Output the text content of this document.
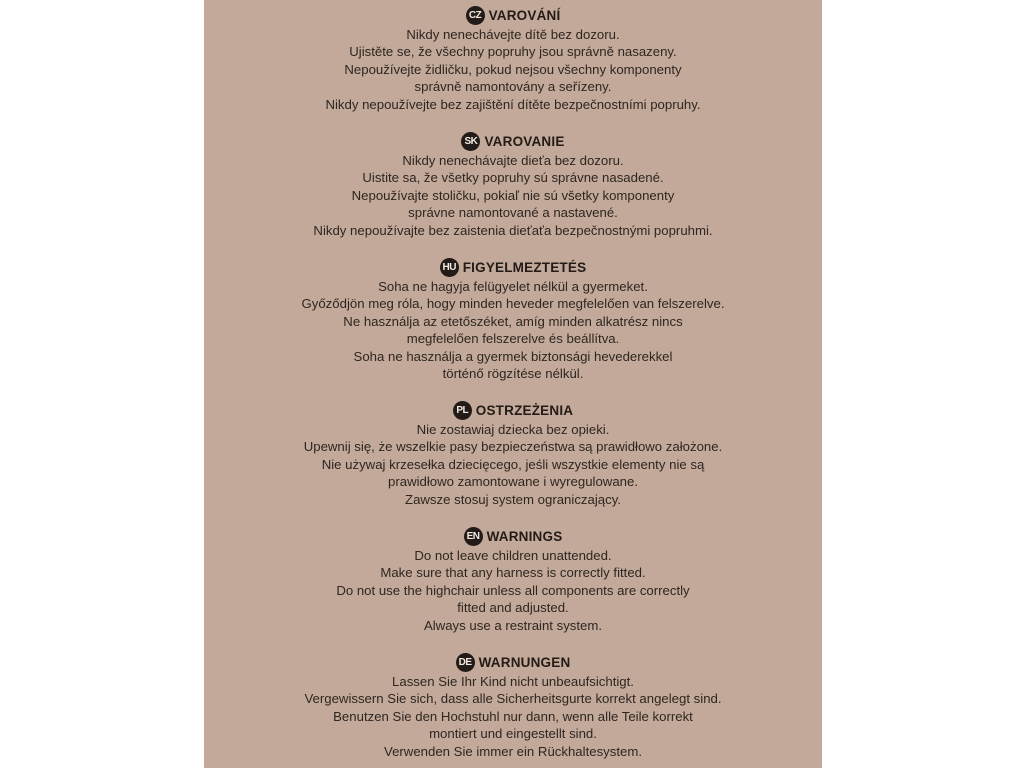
CZ VAROVÁNÍ
Nikdy nenechávejte dítě bez dozoru.
Ujistěte se, že všechny popruhy jsou správně nasazeny.
Nepoužívejte židličku, pokud nejsou všechny komponenty
správně namontovány a seřízeny.
Nikdy nepoužívejte bez zajištění dítěte bezpečnostními popruhy.
SK VAROVANIE
Nikdy nenechávajte dieťa bez dozoru.
Uistite sa, že všetky popruhy sú správne nasadené.
Nepoužívajte stoličku, pokiaľ nie sú všetky komponenty
správne namontované a nastavené.
Nikdy nepoužívajte bez zaistenia dieťaťa bezpečnostnými popruhmi.
HU FIGYELMEZTETÉS
Soha ne hagyja felügyelet nélkül a gyermeket.
Győződjön meg róla, hogy minden heveder megfelelően van felszerelve.
Ne használja az etetőszéket, amíg minden alkatrész nincs
megfelelően felszerelve és beállítva.
Soha ne használja a gyermek biztonsági hevederekkel
történő rögzítése nélkül.
PL OSTRZEŻENIA
Nie zostawiaj dziecka bez opieki.
Upewnij się, że wszelkie pasy bezpieczeństwa są prawidłowo założone.
Nie używaj krzesełka dziecięcego, jeśli wszystkie elementy nie są
prawidłowo zamontowane i wyregulowane.
Zawsze stosuj system ograniczający.
EN WARNINGS
Do not leave children unattended.
Make sure that any harness is correctly fitted.
Do not use the highchair unless all components are correctly
fitted and adjusted.
Always use a restraint system.
DE WARNUNGEN
Lassen Sie Ihr Kind nicht unbeaufsichtigt.
Vergewissern Sie sich, dass alle Sicherheitsgurte korrekt angelegt sind.
Benutzen Sie den Hochstuhl nur dann, wenn alle Teile korrekt
montiert und eingestellt sind.
Verwenden Sie immer ein Rückhaltesystem.
